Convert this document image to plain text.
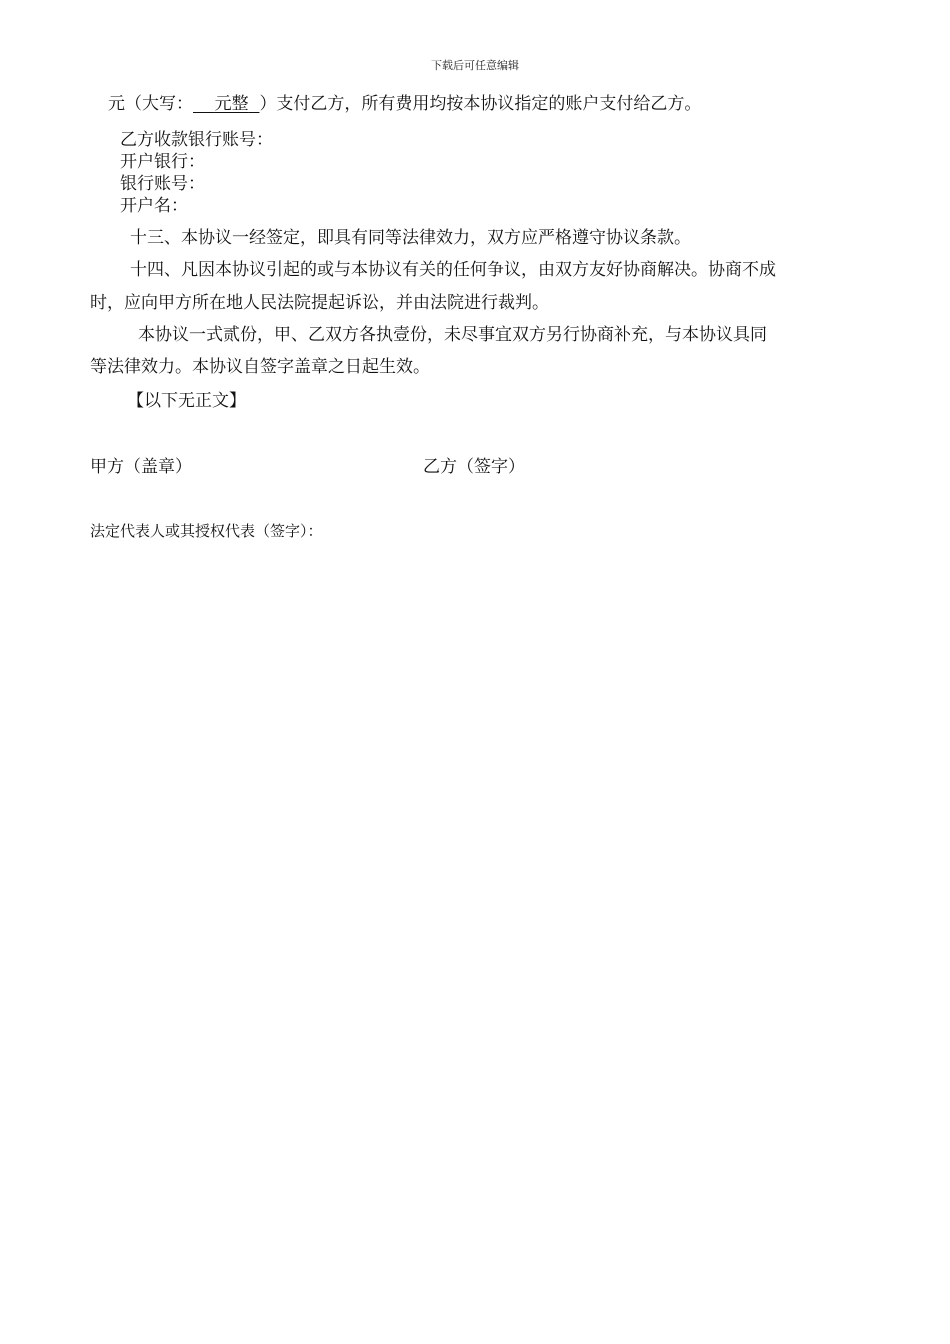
下载后可任意编辑
元（大写： 元整 ）支付乙方，所有费用均按本协议指定的账户支付给乙方。
乙方收款银行账号：
开户银行：
银行账号：
开户名：
十三、本协议一经签定，即具有同等法律效力，双方应严格遵守协议条款。
十四、凡因本协议引起的或与本协议有关的任何争议，由双方友好协商解决。协商不成
时，应向甲方所在地人民法院提起诉讼，并由法院进行裁判。
本协议一式贰份，甲、乙双方各执壹份，未尽事宜双方另行协商补充，与本协议具同
等法律效力。本协议自签字盖章之日起生效。
【以下无正文】
甲方（盖章）	乙方（签字）
法定代表人或其授权代表（签字）：
